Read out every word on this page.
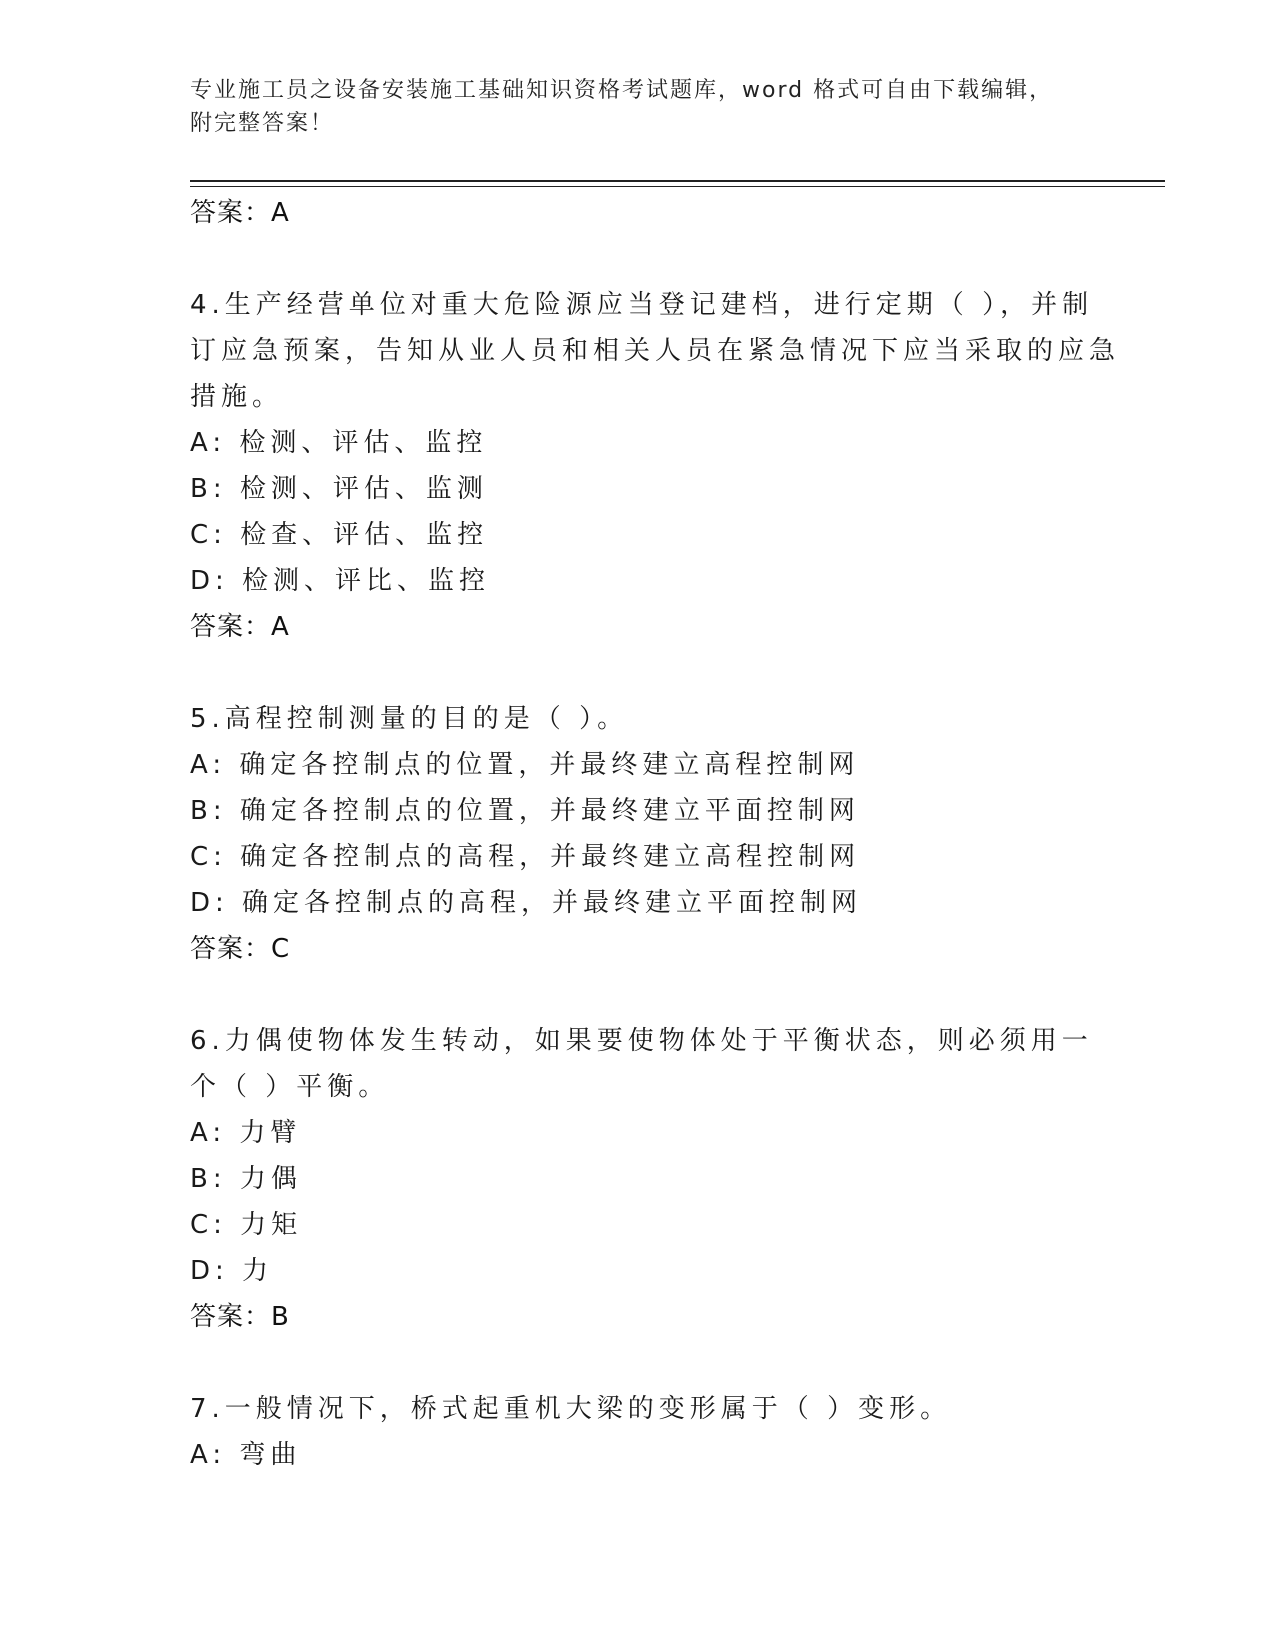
专业施工员之设备安装施工基础知识资格考试题库，word 格式可自由下载编辑，
附完整答案！
答案：A
4.生产经营单位对重大危险源应当登记建档，进行定期（ ），并制订应急预案，告知从业人员和相关人员在紧急情况下应当采取的应急措施。
A: 检测、评估、监控
B: 检测、评估、监测
C: 检查、评估、监控
D: 检测、评比、监控
答案：A
5.高程控制测量的目的是（ ）。
A: 确定各控制点的位置，并最终建立高程控制网
B: 确定各控制点的位置，并最终建立平面控制网
C: 确定各控制点的高程，并最终建立高程控制网
D: 确定各控制点的高程，并最终建立平面控制网
答案：C
6.力偶使物体发生转动，如果要使物体处于平衡状态，则必须用一个（ ）平衡。
A: 力臂
B: 力偶
C: 力矩
D: 力
答案：B
7.一般情况下，桥式起重机大梁的变形属于（ ）变形。
A: 弯曲
